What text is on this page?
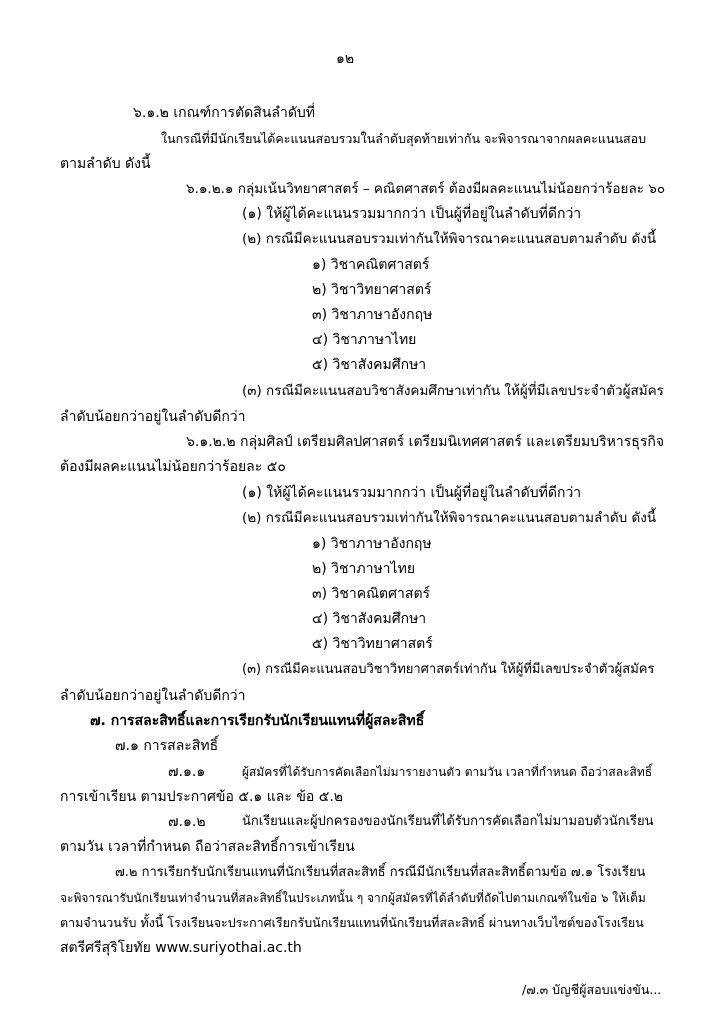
๑๒
๖.๑.๒ เกณฑ์การตัดสินลำดับที่
ในกรณีที่มีนักเรียนได้คะแนนสอบรวมในลำดับสุดท้ายเท่ากัน จะพิจารณาจากผลคะแนนสอบ
ตามลำดับ ดังนี้
๖.๑.๒.๑ กลุ่มเน้นวิทยาศาสตร์ – คณิตศาสตร์ ต้องมีผลคะแนนไม่น้อยกว่าร้อยละ ๖๐
(๑) ให้ผู้ได้คะแนนรวมมากกว่า เป็นผู้ที่อยู่ในลำดับที่ดีกว่า
(๒) กรณีมีคะแนนสอบรวมเท่ากันให้พิจารณาคะแนนสอบตามลำดับ ดังนี้
๑) วิชาคณิตศาสตร์
๒) วิชาวิทยาศาสตร์
๓) วิชาภาษาอังกฤษ
๔) วิชาภาษาไทย
๕) วิชาสังคมศึกษา
(๓) กรณีมีคะแนนสอบวิชาสังคมศึกษาเท่ากัน ให้ผู้ที่มีเลขประจำตัวผู้สมัคร
ลำดับน้อยกว่าอยู่ในลำดับดีกว่า
๖.๑.๒.๒ กลุ่มศิลป์ เตรียมศิลปศาสตร์ เตรียมนิเทศศาสตร์ และเตรียมบริหารธุรกิจ
ต้องมีผลคะแนนไม่น้อยกว่าร้อยละ ๕๐
(๑) ให้ผู้ได้คะแนนรวมมากกว่า เป็นผู้ที่อยู่ในลำดับที่ดีกว่า
(๒) กรณีมีคะแนนสอบรวมเท่ากันให้พิจารณาคะแนนสอบตามลำดับ ดังนี้
๑) วิชาภาษาอังกฤษ
๒) วิชาภาษาไทย
๓) วิชาคณิตศาสตร์
๔) วิชาสังคมศึกษา
๕) วิชาวิทยาศาสตร์
(๓) กรณีมีคะแนนสอบวิชาวิทยาศาสตร์เท่ากัน ให้ผู้ที่มีเลขประจำตัวผู้สมัคร
ลำดับน้อยกว่าอยู่ในลำดับดีกว่า
๗. การสละสิทธิ์และการเรียกรับนักเรียนแทนที่ผู้สละสิทธิ์
๗.๑ การสละสิทธิ์
๗.๑.๑	ผู้สมัครที่ได้รับการคัดเลือกไม่มารายงานตัว ตามวัน เวลาที่กำหนด ถือว่าสละสิทธิ์
การเข้าเรียน ตามประกาศข้อ ๕.๑ และ ข้อ ๕.๒
๗.๑.๒	นักเรียนและผู้ปกครองของนักเรียนที่ได้รับการคัดเลือกไม่มามอบตัวนักเรียน
ตามวัน เวลาที่กำหนด ถือว่าสละสิทธิ์การเข้าเรียน
๗.๒ การเรียกรับนักเรียนแทนที่นักเรียนที่สละสิทธิ์ กรณีมีนักเรียนที่สละสิทธิ์ตามข้อ ๗.๑ โรงเรียน
จะพิจารณารับนักเรียนเท่าจำนวนที่สละสิทธิ์ในประเภทนั้น ๆ จากผู้สมัครที่ได้ลำดับที่ถัดไปตามเกณฑ์ในข้อ ๖ ให้เต็ม
ตามจำนวนรับ ทั้งนี้ โรงเรียนจะประกาศเรียกรับนักเรียนแทนที่นักเรียนที่สละสิทธิ์ ผ่านทางเว็บไซต์ของโรงเรียน
สตรีศรีสุริโยทัย www.suriyothai.ac.th
/๗.๓ บัญชีผู้สอบแข่งขัน...
